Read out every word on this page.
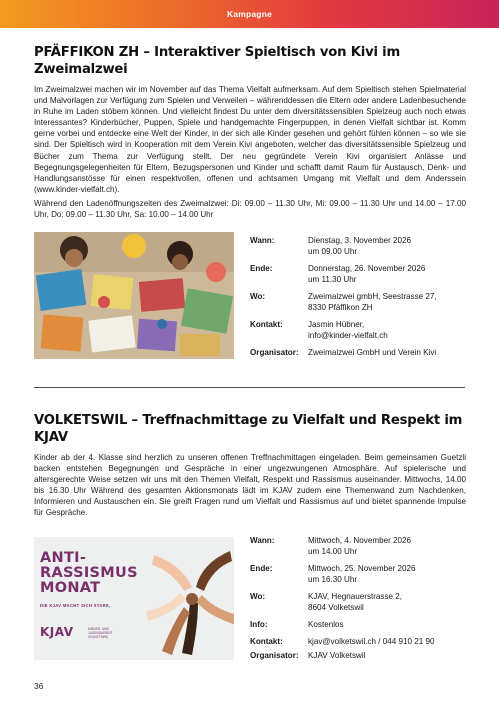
Kampagne
PFÄFFIKON ZH – Interaktiver Spieltisch von Kivi im Zweimalzwei

Im Zweimalzwei machen wir im November auf das Thema Vielfalt aufmerksam. Auf dem Spieltisch stehen Spielmaterial und Malvorlagen zur Verfügung zum Spielen und Verweilen – währenddessen die Eltern oder andere Ladenbesuchende in Ruhe im Laden stöbern können. Und vielleicht findest Du unter dem diversitätssensiblen Spielzeug auch noch etwas Interessantes? Kinderbücher, Puppen, Spiele und handgemachte Fingerpuppen, in denen Vielfalt sichtbar ist. Komm gerne vorbei und entdecke eine Welt der Kinder, in der sich alle Kinder gesehen und gehört fühlen können – so wie sie sind. Der Spieltisch wird in Kooperation mit dem Verein Kivi angeboten, welcher das diversitätssensible Spielzeug und Bücher zum Thema zur Verfügung stellt. Der neu gegründete Verein Kivi organisiert Anlässe und Begegnungsgelegenheiten für Eltern, Bezugspersonen und Kinder und schafft damit Raum für Austausch, Denk- und Handlungsanstösse für einen respektvollen, offenen und achtsamen Umgang mit Vielfalt und dem Anderssein (www.kinder-vielfalt.ch).

Während den Ladenöffnungszeiten des Zweimalzwei: Di: 09.00 – 11.30 Uhr, Mi: 09.00 – 11.30 Uhr und 14.00 – 17.00 Uhr, Do: 09.00 – 11.30 Uhr, Sa: 10.00 – 14.00 Uhr

Wann:	Dienstag, 3. November 2026
um 09.00 Uhr
Ende:	Donnerstag, 26. November 2026
um 11.30 Uhr
Wo:	Zweimalzwei gmbH, Seestrasse 27,
8330 Pfäffikon ZH
Kontakt:	Jasmin Hübner,
info@kinder-vielfalt.ch
Organisator:	Zweimalzwei GmbH und Verein Kivi
VOLKETSWIL – Treffnachmittage zu Vielfalt und Respekt im KJAV

Kinder ab der 4. Klasse sind herzlich zu unseren offenen Treffnachmittagen eingeladen. Beim gemeinsamen Guetzli backen entstehen Begegnungen und Gespräche in einer ungezwungenen Atmosphäre. Auf spielerische und altersgerechte Weise setzen wir uns mit den Themen Vielfalt, Respekt und Rassismus auseinander. Mittwochs, 14.00 bis 16.30 Uhr Während des gesamten Aktionsmonats lädt im KJAV zudem eine Themenwand zum Nachdenken, Informieren und Austauschen ein. Sie greift Fragen rund um Vielfalt und Rassismus auf und bietet spannende Impulse für Gespräche.

ANTI-
RASSISMUS
MONAT
DIE KJAV MACHT SICH STARK.
KJAV	KINDER- UND JUGENDARBEIT VOLKETSWIL
Wann:	Mittwoch, 4. November 2026
um 14.00 Uhr
Ende:	Mittwoch, 25. November 2026
um 16.30 Uhr
Wo:	KJAV, Hegnauerstrasse 2,
8604 Volketswil
Info:	Kostenlos
Kontakt:	kjav@volketswil.ch / 044 910 21 90
Organisator:	KJAV Volketswil
36
